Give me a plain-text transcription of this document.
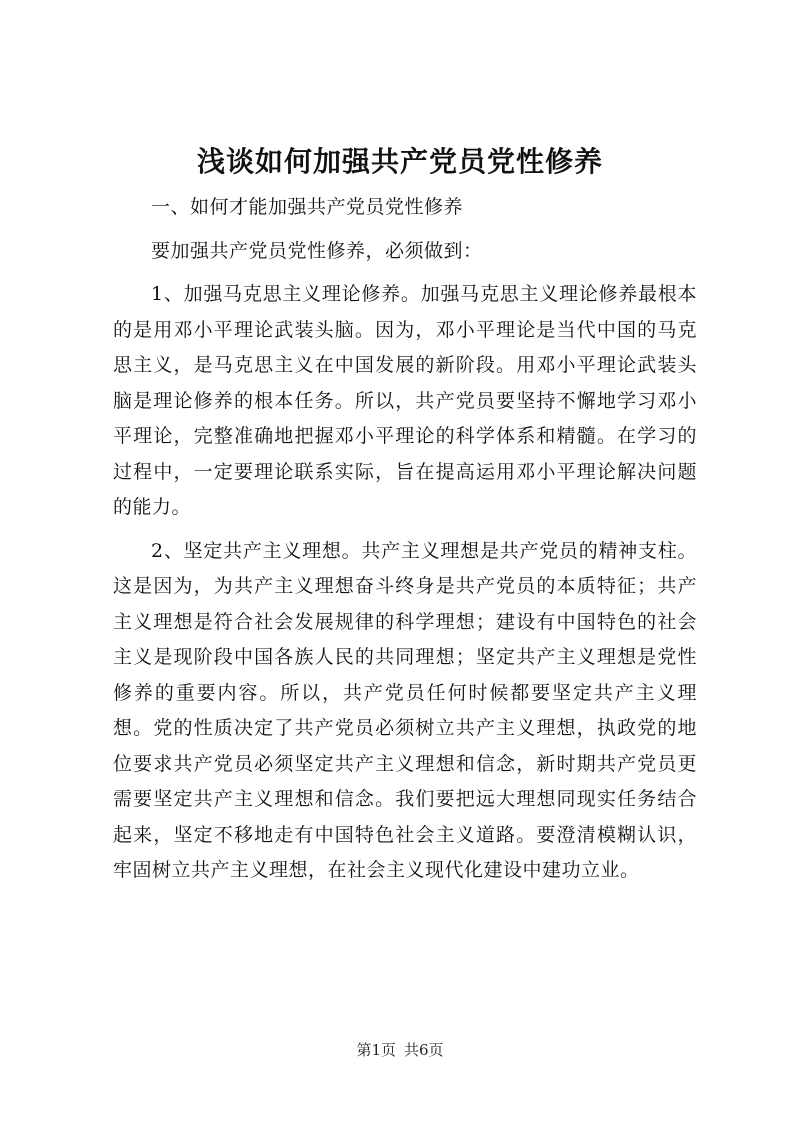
浅谈如何加强共产党员党性修养

一、如何才能加强共产党员党性修养

要加强共产党员党性修养，必须做到：

1、加强马克思主义理论修养。加强马克思主义理论修养最根本的是用邓小平理论武装头脑。因为，邓小平理论是当代中国的马克思主义，是马克思主义在中国发展的新阶段。用邓小平理论武装头脑是理论修养的根本任务。所以，共产党员要坚持不懈地学习邓小平理论，完整准确地把握邓小平理论的科学体系和精髓。在学习的过程中，一定要理论联系实际，旨在提高运用邓小平理论解决问题的能力。

2、坚定共产主义理想。共产主义理想是共产党员的精神支柱。这是因为，为共产主义理想奋斗终身是共产党员的本质特征；共产主义理想是符合社会发展规律的科学理想；建设有中国特色的社会主义是现阶段中国各族人民的共同理想；坚定共产主义理想是党性修养的重要内容。所以，共产党员任何时候都要坚定共产主义理想。党的性质决定了共产党员必须树立共产主义理想，执政党的地位要求共产党员必须坚定共产主义理想和信念，新时期共产党员更需要坚定共产主义理想和信念。我们要把远大理想同现实任务结合起来，坚定不移地走有中国特色社会主义道路。要澄清模糊认识，牢固树立共产主义理想，在社会主义现代化建设中建功立业。

第1页 共6页
